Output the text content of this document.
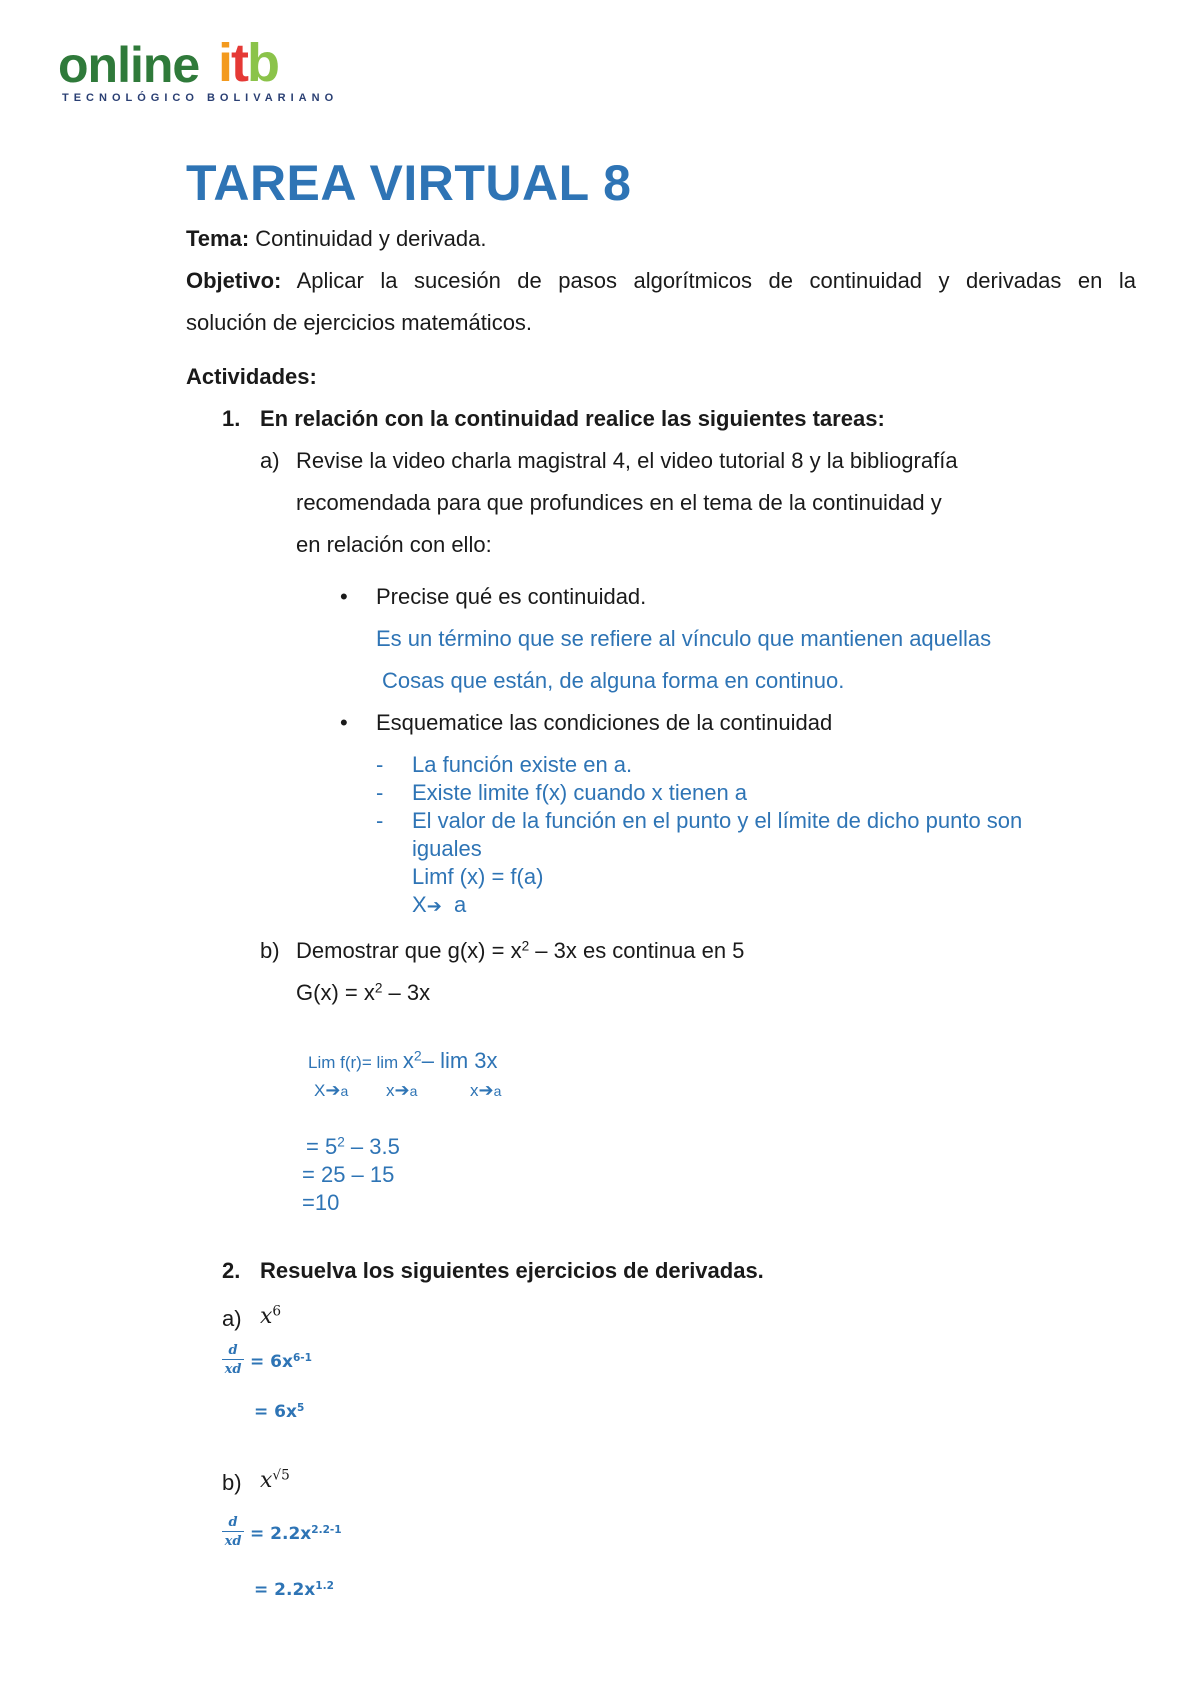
online itb
TECNOLÓGICO BOLIVARIANO
TAREA VIRTUAL 8
Tema: Continuidad y derivada.
Objetivo: Aplicar la sucesión de pasos algorítmicos de continuidad y derivadas en la
solución de ejercicios matemáticos.
Actividades:
1. En relación con la continuidad realice las siguientes tareas:
a) Revise la video charla magistral 4, el video tutorial 8 y la bibliografía
recomendada para que profundices en el tema de la continuidad y
en relación con ello:
• Precise qué es continuidad.
Es un término que se refiere al vínculo que mantienen aquellas
Cosas que están, de alguna forma en continuo.
• Esquematice las condiciones de la continuidad
- La función existe en a.
- Existe limite f(x) cuando x tienen a
- El valor de la función en el punto y el límite de dicho punto son
iguales
Limf (x) = f(a)
X➔ a
b) Demostrar que $g(x) = x^2 - 3x$ es continua en 5
$G(x) = x^2 - 3x$
Lim $f(r)= \lim x^2-$ lim 3x
X➔a x➔a	x➔a
= $5^2 - 3.5$
= 25 – 15
=10
2. Resuelva los siguientes ejercicios de derivadas.
a) $x^6$
$\frac{d}{xd} = 6x^{6-1}$
= $6x^5$
b) $x^{√5}$
$\frac{d}{xd} = 2.2x^{2.2-1}$
= $2.2x^{1.2}$
